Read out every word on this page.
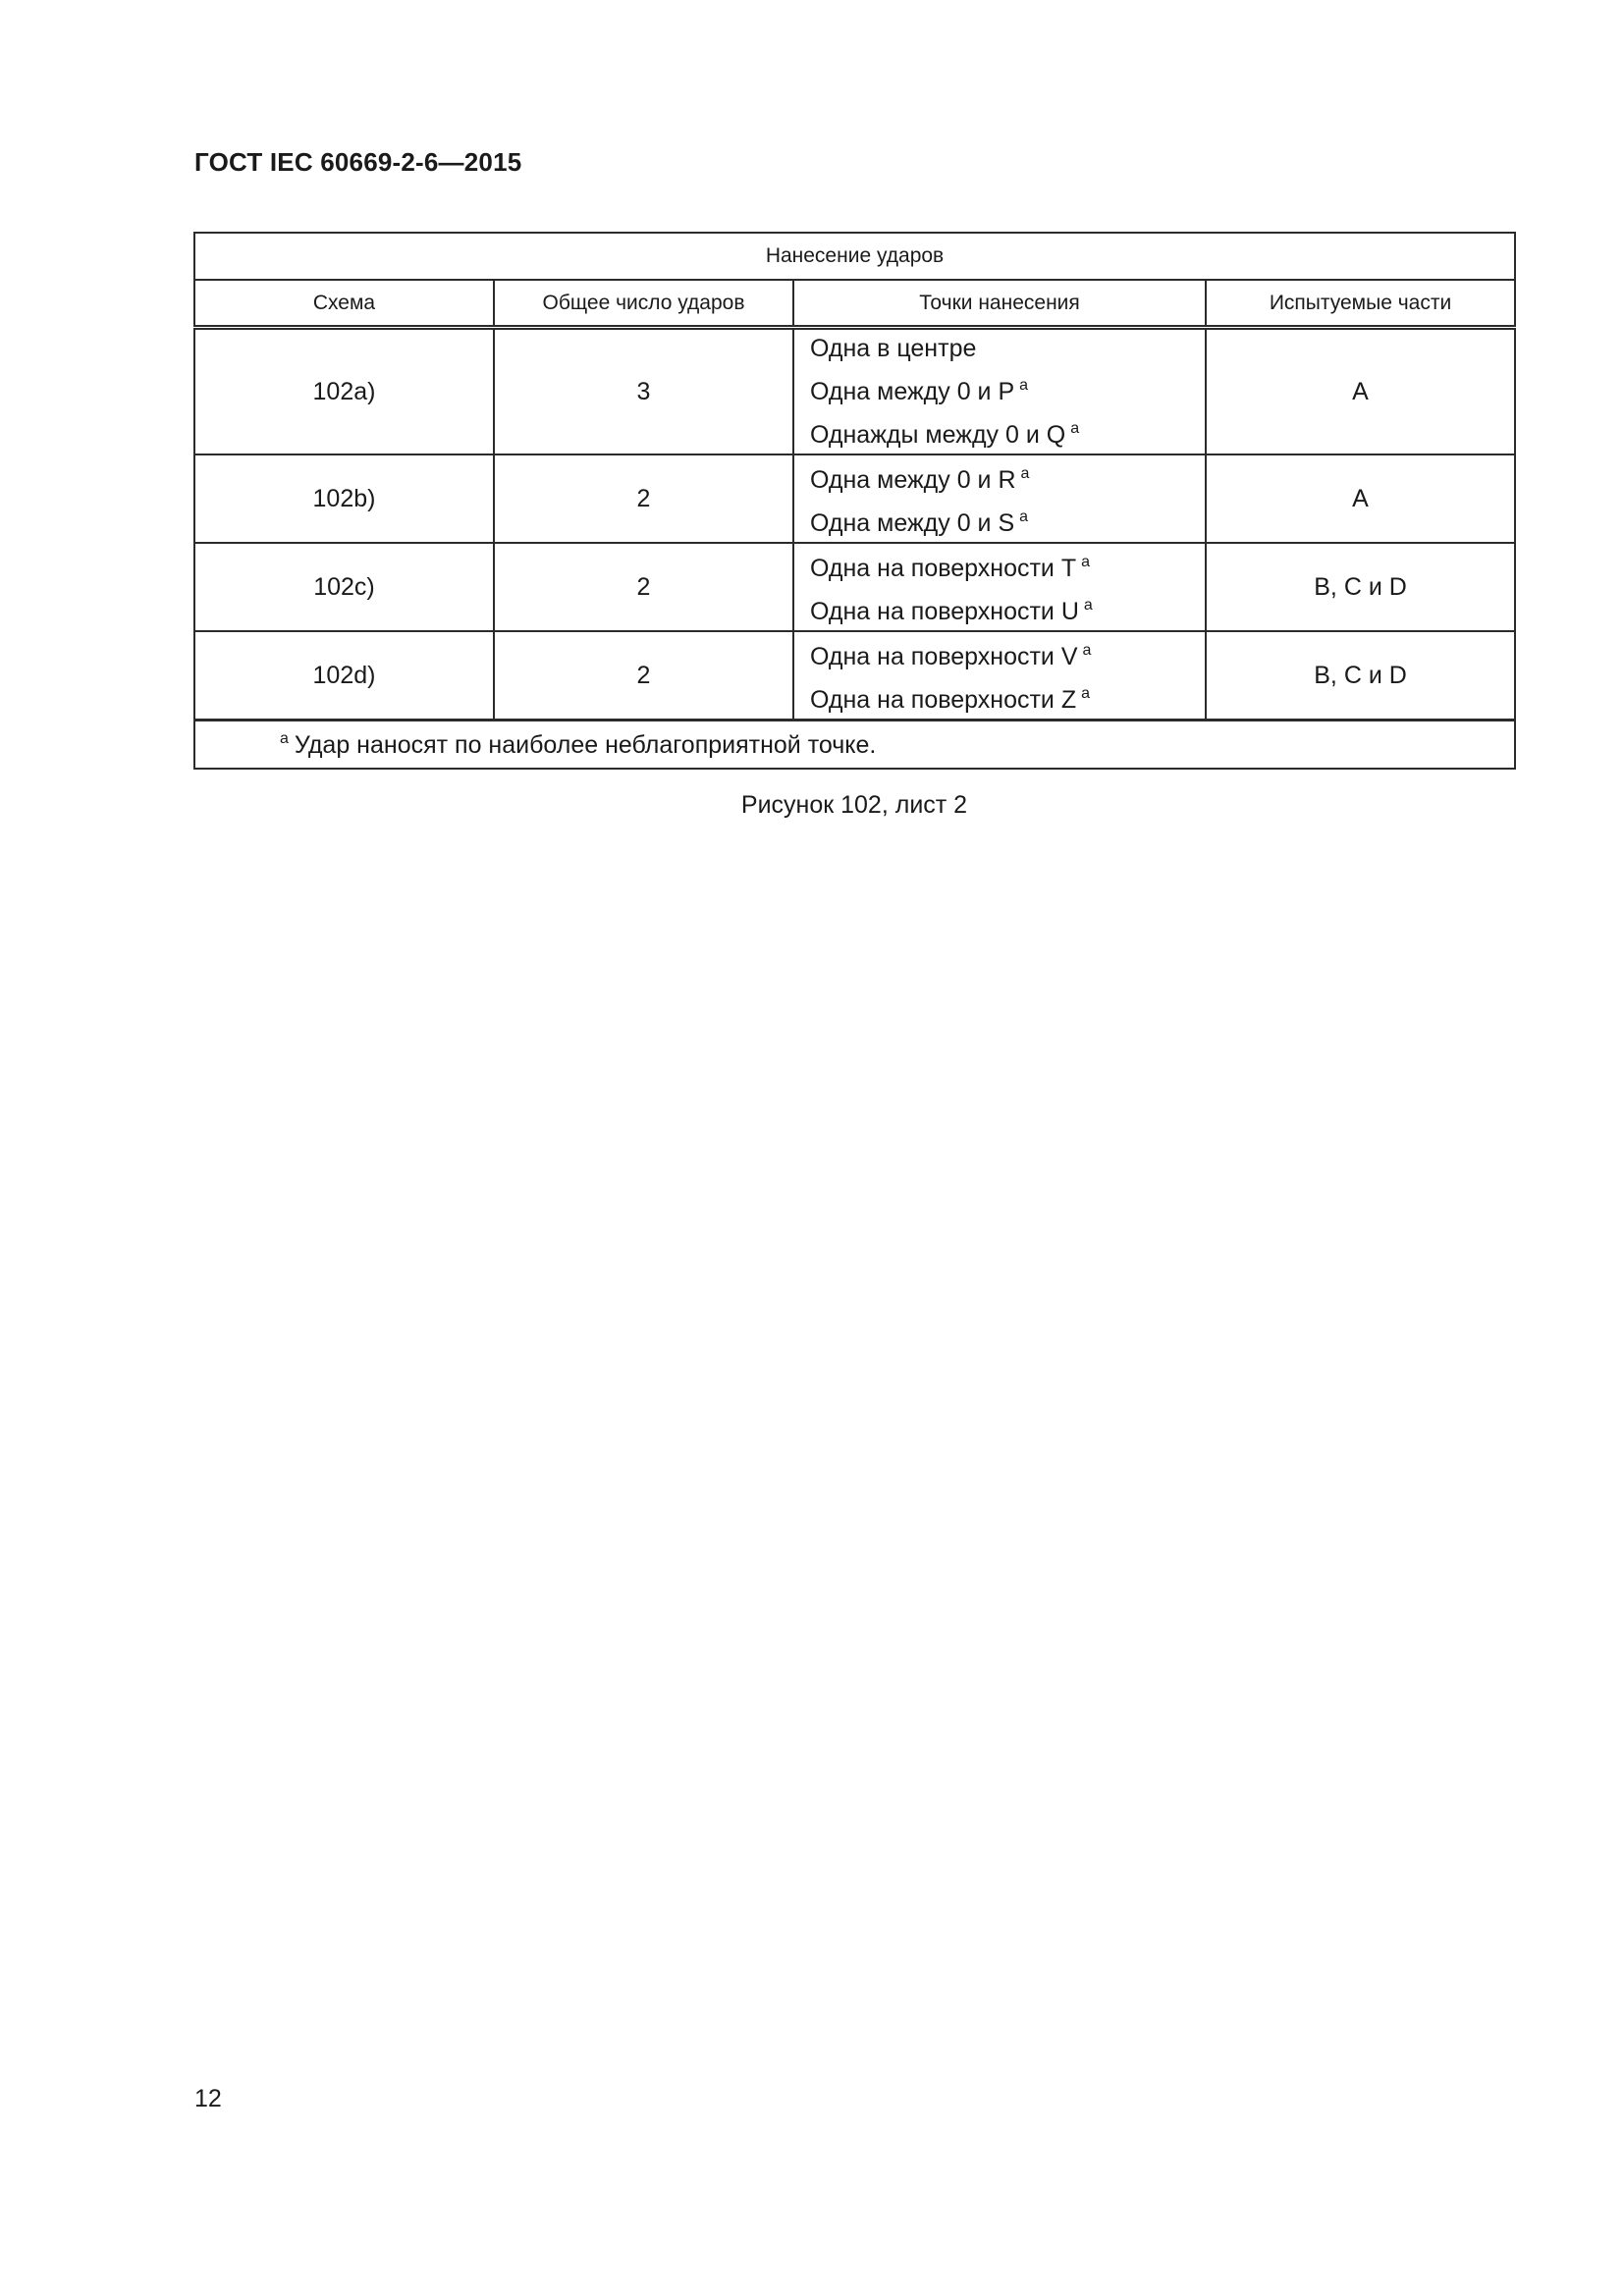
ГОСТ IEC 60669-2-6—2015
Нанесение ударов			
Схема	Общее число ударов	Точки нанесения	Испытуемые части
102a)	3	Одна в центре
Одна между 0 и P $^a$
Однажды между 0 и Q $^a$	A
102b)	2	Одна между 0 и R $^a$
Одна между 0 и S $^a$	A
102c)	2	Одна на поверхности T $^a$
Одна на поверхности U $^a$	B, C и D
102d)	2	Одна на поверхности V $^a$
Одна на поверхности Z $^a$	B, C и D
$^a$ Удар наносят по наиболее неблагоприятной точке.			
Рисунок 102, лист 2
12
